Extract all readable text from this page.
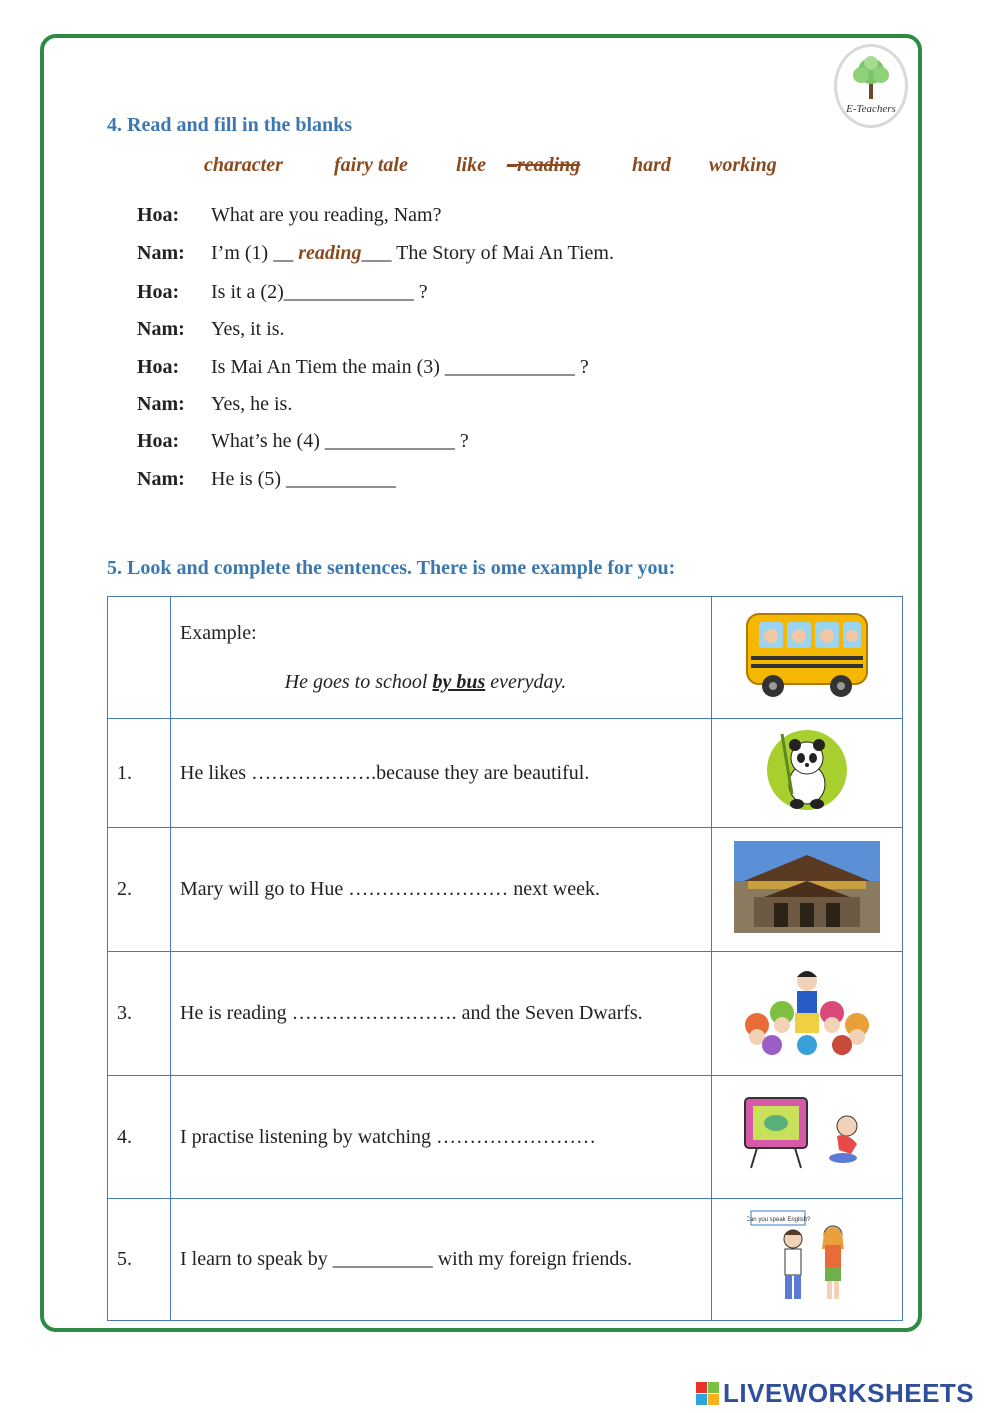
E-Teachers
4. Read and fill in the blanks
character	fairy tale like –reading	hard working
Hoa:	What are you reading, Nam?
Nam:	I’m (1) __ reading___ The Story of Mai An Tiem.
Hoa:	Is it a (2)_____________ ?
Nam:	Yes, it is.
Hoa:	Is Mai An Tiem the main (3) _____________ ?
Nam:	Yes, he is.
Hoa:	What’s he (4) _____________ ?
Nam:	He is (5) ___________
5. Look and complete the sentences. There is ome example for you:

	Example:
He goes to school by bus everyday.

1.	He likes ……………….because they are beautiful.	
2.	Mary will go to Hue …………………… next week.	
3.	He is reading ……………………. and the Seven Dwarfs.	
4.	I practise listening by watching ……………………	
5.	I learn to speak by __________ with my foreign friends.	Can you speak English?
LIVEWORKSHEETS
